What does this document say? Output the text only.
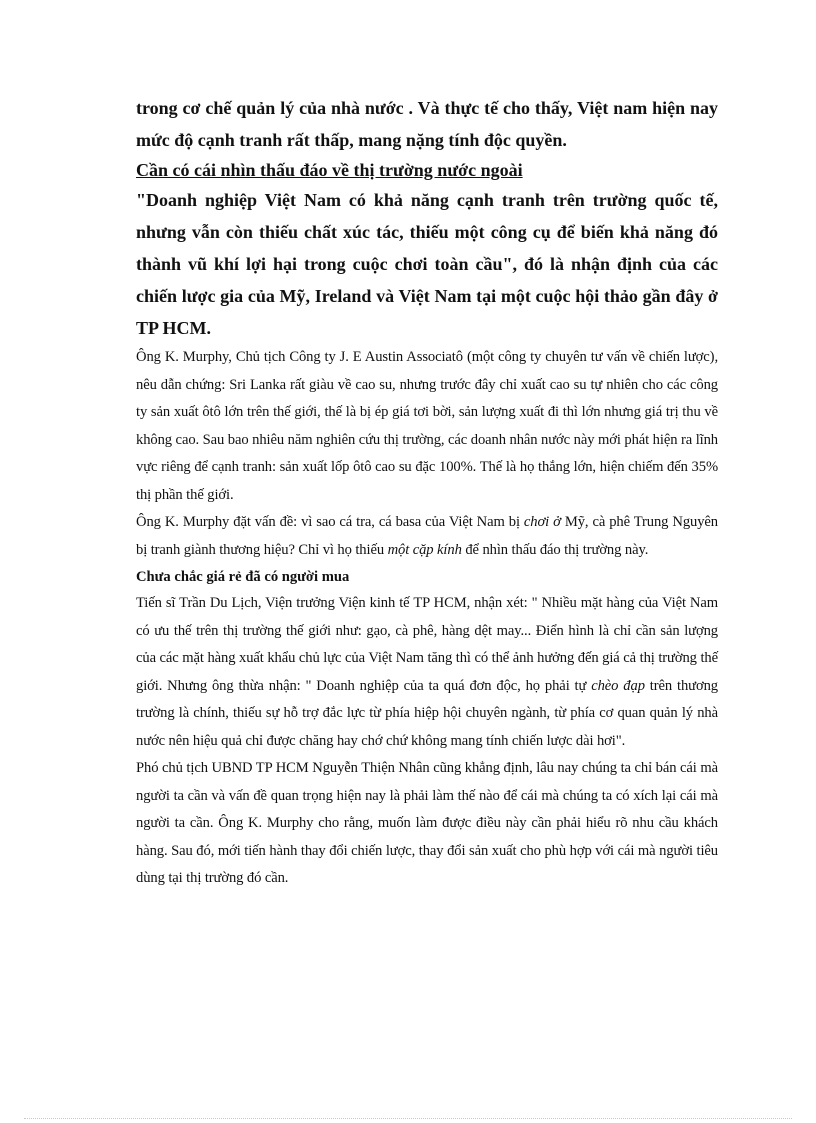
trong cơ chế quản lý của nhà nước . Và thực tế cho thấy, Việt nam hiện nay mức độ cạnh tranh rất thấp, mang nặng tính độc quyền.

Cần có cái nhìn thấu đáo về thị trường nước ngoài

"Doanh nghiệp Việt Nam có khả năng cạnh tranh trên trường quốc tế, nhưng vẫn còn thiếu chất xúc tác, thiếu một công cụ để biến khả năng đó thành vũ khí lợi hại trong cuộc chơi toàn cầu", đó là nhận định của các chiến lược gia của Mỹ, Ireland và Việt Nam tại một cuộc hội thảo gần đây ở TP HCM.

Ông K. Murphy, Chủ tịch Công ty J. E Austin Associatô (một công ty chuyên tư vấn về chiến lược), nêu dẫn chứng: Sri Lanka rất giàu về cao su, nhưng trước đây chỉ xuất cao su tự nhiên cho các công ty sản xuất ôtô lớn trên thế giới, thế là bị ép giá tơi bời, sản lượng xuất đi thì lớn nhưng giá trị thu về không cao. Sau bao nhiêu năm nghiên cứu thị trường, các doanh nhân nước này mới phát hiện ra lĩnh vực riêng để cạnh tranh: sản xuất lốp ôtô cao su đặc 100%. Thế là họ thắng lớn, hiện chiếm đến 35% thị phần thế giới.

Ông K. Murphy đặt vấn đề: vì sao cá tra, cá basa của Việt Nam bị chơi ở Mỹ, cà phê Trung Nguyên bị tranh giành thương hiệu? Chỉ vì họ thiếu một cặp kính để nhìn thấu đáo thị trường này.

Chưa chắc giá rẻ đã có người mua

Tiến sĩ Trần Du Lịch, Viện trưởng Viện kinh tế TP HCM, nhận xét: " Nhiều mặt hàng của Việt Nam có ưu thế trên thị trường thế giới như: gạo, cà phê, hàng dệt may... Điển hình là chỉ cần sản lượng của các mặt hàng xuất khẩu chủ lực của Việt Nam tăng thì có thể ảnh hưởng đến giá cả thị trường thế giới. Nhưng ông thừa nhận: " Doanh nghiệp của ta quá đơn độc, họ phải tự chèo đạp trên thương trường là chính, thiếu sự hỗ trợ đắc lực từ phía hiệp hội chuyên ngành, từ phía cơ quan quản lý nhà nước nên hiệu quả chỉ được chăng hay chớ chứ không mang tính chiến lược dài hơi".

Phó chủ tịch UBND TP HCM Nguyễn Thiện Nhân cũng khẳng định, lâu nay chúng ta chỉ bán cái mà người ta cần và vấn đề quan trọng hiện nay là phải làm thế nào để cái mà chúng ta có xích lại cái mà người ta cần. Ông K. Murphy cho rằng, muốn làm được điều này cần phải hiểu rõ nhu cầu khách hàng. Sau đó, mới tiến hành thay đổi chiến lược, thay đổi sản xuất cho phù hợp với cái mà người tiêu dùng tại thị trường đó cần.
